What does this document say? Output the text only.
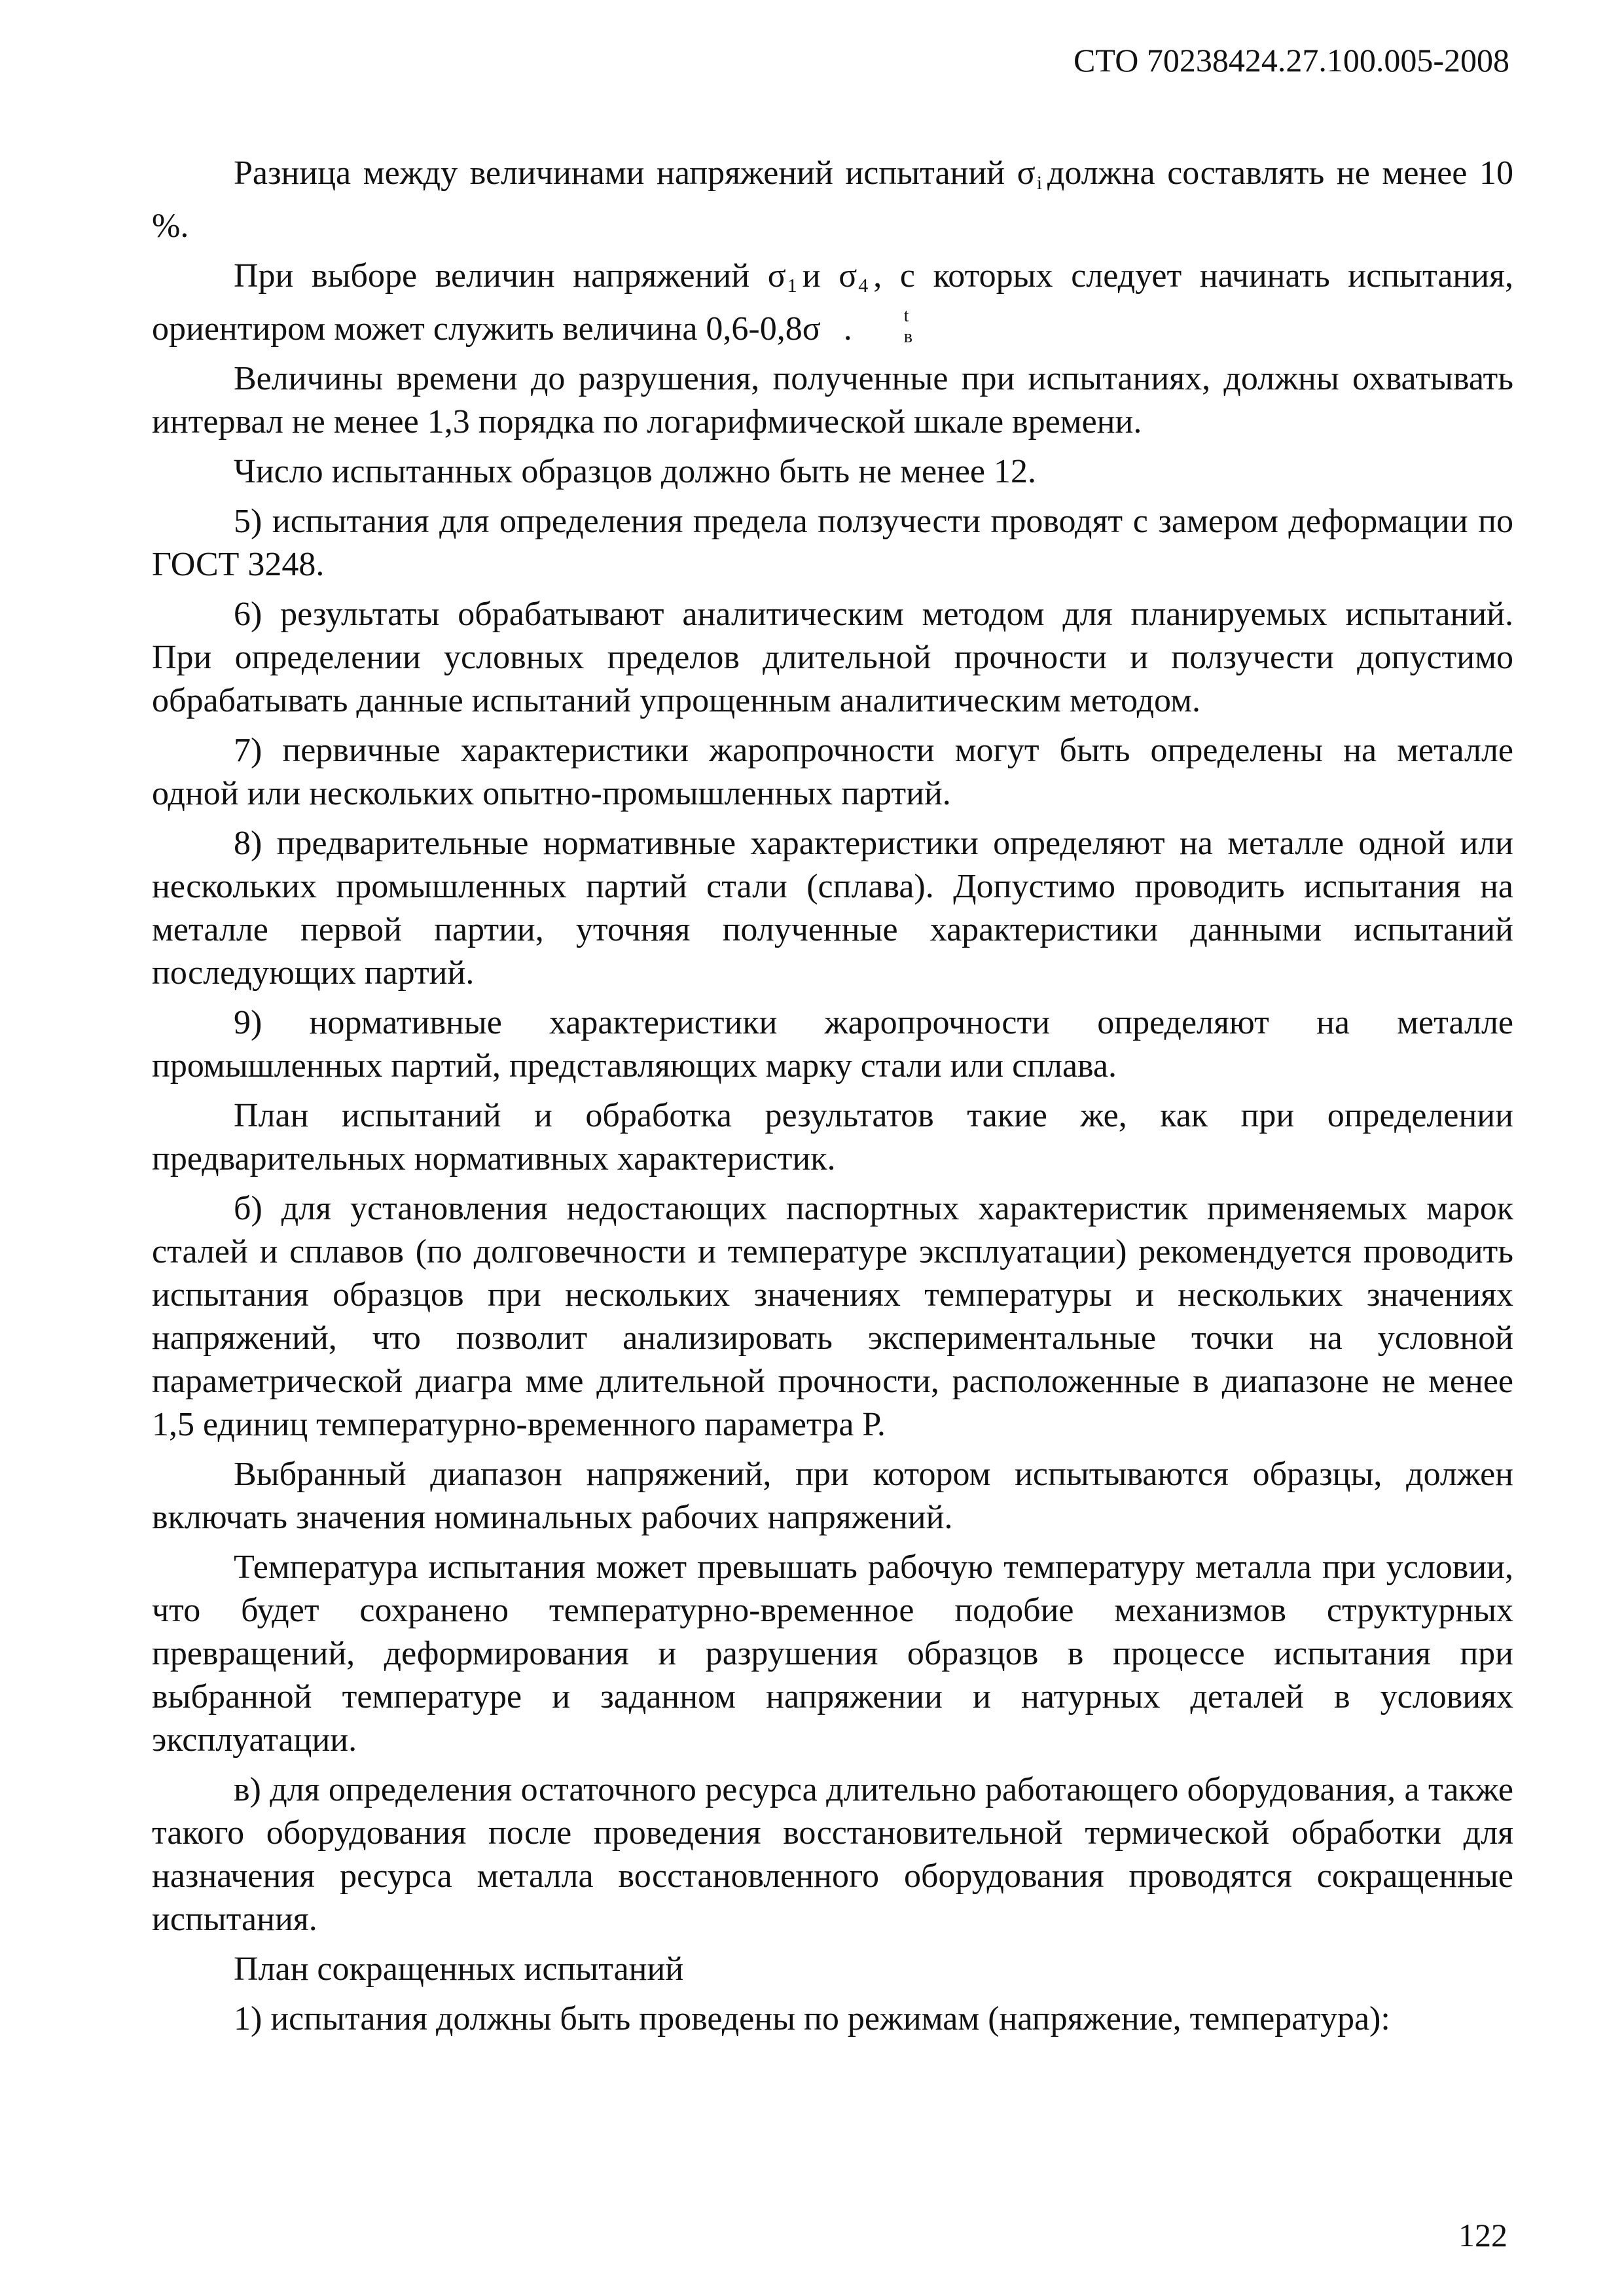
СТО 70238424.27.100.005-2008

Разница между величинами напряжений испытаний $\sigma_i$ должна составлять не менее 10 %.

При выборе величин напряжений $\sigma_1$ и $\sigma_4$ , с которых следует начинать испытания, ориентиром может служить величина 0,6-0,8σ	t
в
.

Величины времени до разрушения, полученные при испытаниях, должны охватывать интервал не менее 1,3 порядка по логарифмической шкале времени.

Число испытанных образцов должно быть не менее 12.

5) испытания для определения предела ползучести проводят с замером деформации по ГОСТ 3248.

6) результаты обрабатывают аналитическим методом для планируемых испытаний. При определении условных пределов длительной прочности и ползучести допустимо обрабатывать данные испытаний упрощенным аналитическим методом.

7) первичные характеристики жаропрочности могут быть определены на металле одной или нескольких опытно-промышленных партий.

8) предварительные нормативные характеристики определяют на металле одной или нескольких промышленных партий стали (сплава). Допустимо проводить испытания на металле первой партии, уточняя полученные характеристики данными испытаний последующих партий.

9) нормативные характеристики жаропрочности определяют на металле промышленных партий, представляющих марку стали или сплава.

План испытаний и обработка результатов такие же, как при определении предварительных нормативных характеристик.

б) для установления недостающих паспортных характеристик применяемых марок сталей и сплавов (по долговечности и температуре эксплуатации) рекомендуется проводить испытания образцов при нескольких значениях температуры и нескольких значениях напряжений, что позволит анализировать экспериментальные точки на условной параметрической диагра мме длительной прочности, расположенные в диапазоне не менее 1,5 единиц температурно-временного параметра Р.

Выбранный диапазон напряжений, при котором испытываются образцы, должен включать значения номинальных рабочих напряжений.

Температура испытания может превышать рабочую температуру металла при условии, что будет сохранено температурно-временное подобие механизмов структурных превращений, деформирования и разрушения образцов в процессе испытания при выбранной температуре и заданном напряжении и натурных деталей в условиях эксплуатации.

в) для определения остаточного ресурса длительно работающего оборудования, а также такого оборудования после проведения восстановительной термической обработки для назначения ресурса металла восстановленного оборудования проводятся сокращенные испытания.

План сокращенных испытаний

1) испытания должны быть проведены по режимам (напряжение, температура):

122
